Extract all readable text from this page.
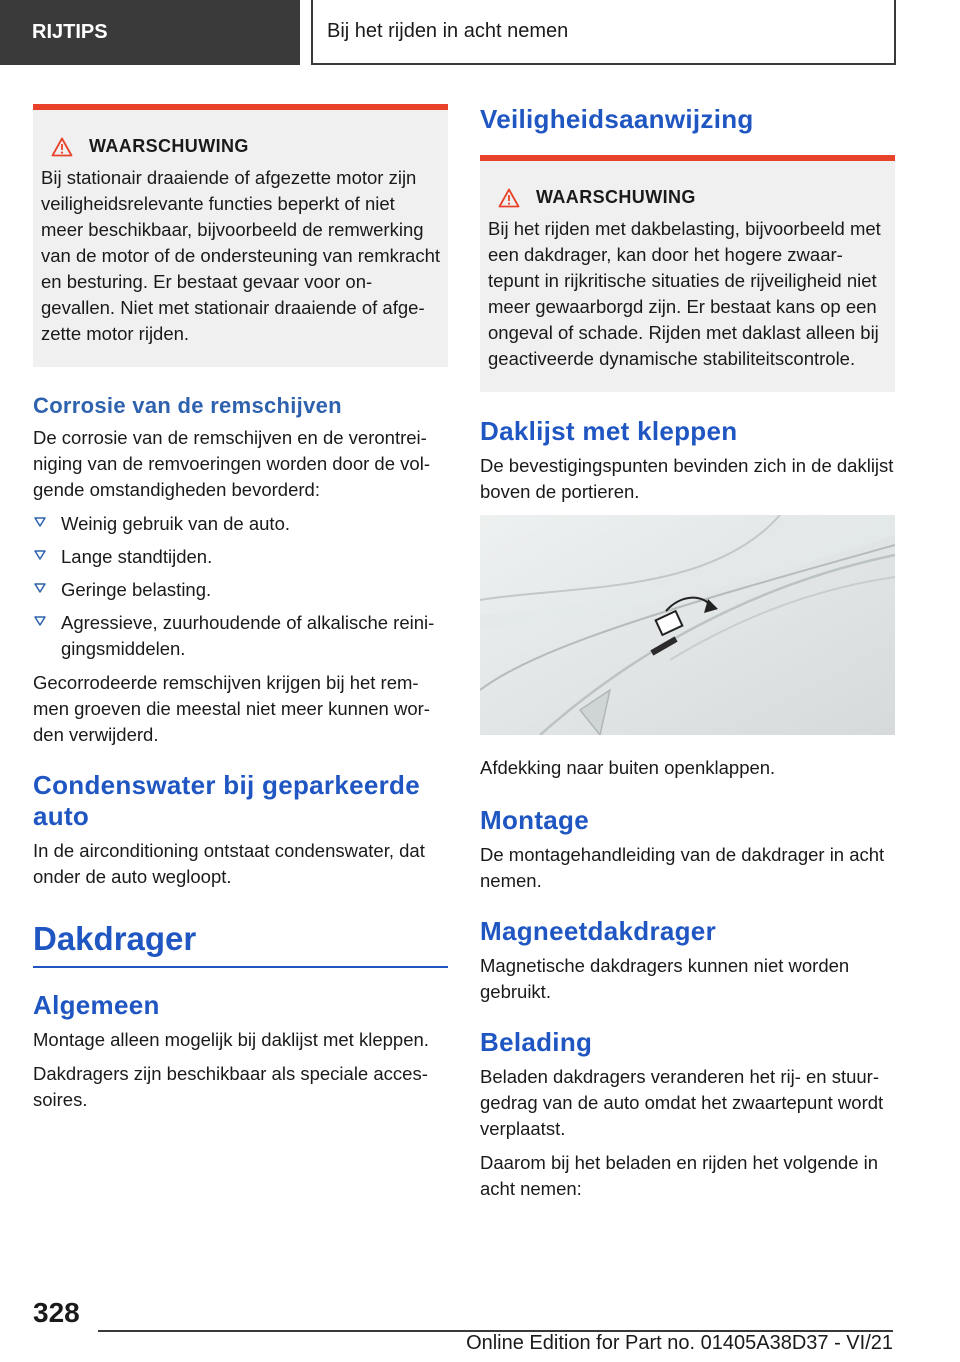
RIJTIPS	Bij het rijden in acht nemen
WAARSCHUWING
Bij stationair draaiende of afgezette motor zijn veiligheidsrelevante functies beperkt of niet meer beschikbaar, bijvoorbeeld de remwerking van de motor of de ondersteuning van remkracht en besturing. Er bestaat gevaar voor ongevallen. Niet met stationair draaiende of afgezette motor rijden.
Corrosie van de remschijven

De corrosie van de remschijven en de verontreiniging van de remvoeringen worden door de volgende omstandigheden bevorderd:

Weinig gebruik van de auto.
Lange standtijden.
Geringe belasting.
Agressieve, zuurhoudende of alkalische reinigingsmiddelen.

Gecorrodeerde remschijven krijgen bij het remmen groeven die meestal niet meer kunnen worden verwijderd.

Condenswater bij geparkeerde auto

In de airconditioning ontstaat condenswater, dat onder de auto wegloopt.

Dakdrager
Algemeen

Montage alleen mogelijk bij daklijst met kleppen.

Dakdragers zijn beschikbaar als speciale accessoires.

Veiligheidsaanwijzing
WAARSCHUWING
Bij het rijden met dakbelasting, bijvoorbeeld met een dakdrager, kan door het hogere zwaartepunt in rijkritische situaties de rijveiligheid niet meer gewaarborgd zijn. Er bestaat kans op een ongeval of schade. Rijden met daklast alleen bij geactiveerde dynamische stabiliteitscontrole.
Daklijst met kleppen

De bevestigingspunten bevinden zich in de daklijst boven de portieren.

Afdekking naar buiten openklappen.

Montage

De montagehandleiding van de dakdrager in acht nemen.

Magneetdakdrager

Magnetische dakdragers kunnen niet worden gebruikt.

Belading

Beladen dakdragers veranderen het rij- en stuurgedrag van de auto omdat het zwaartepunt wordt verplaatst.

Daarom bij het beladen en rijden het volgende in acht nemen:

328
Online Edition for Part no. 01405A38D37 - VI/21
